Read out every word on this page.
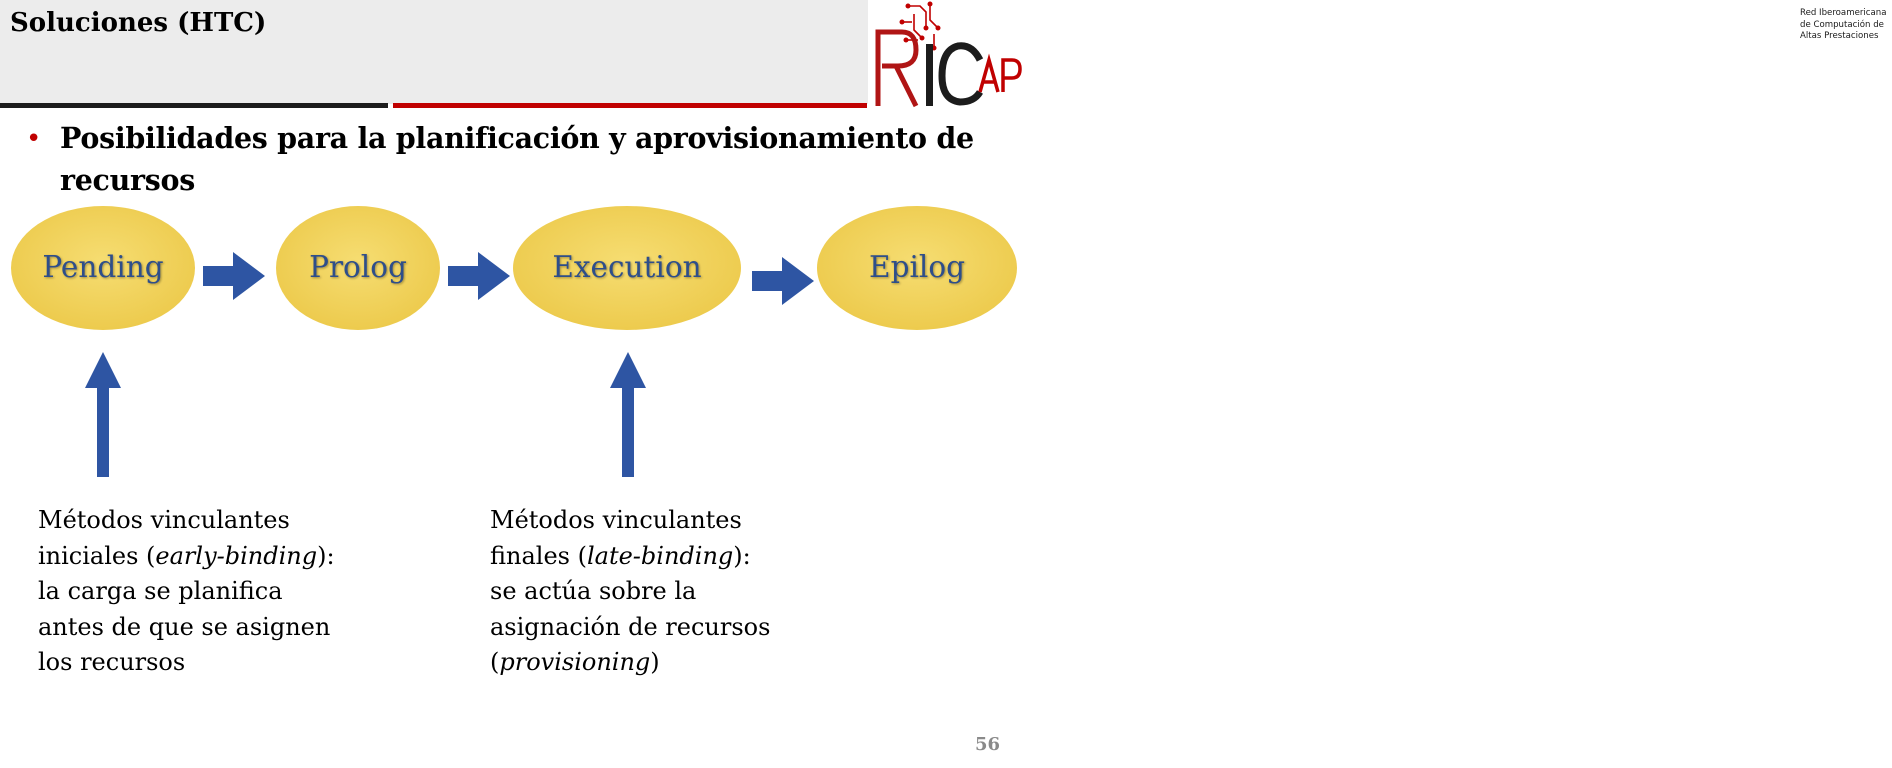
Soluciones (HTC)	Red Iberoamericana
de Computación de
Altas Prestaciones
• Posibilidades para la planificación y aprovisionamiento de recursos
Pending	Prolog	Execution	Epilog
Métodos vinculantes
iniciales (early-binding):
la carga se planifica
antes de que se asignen
los recursos
Métodos vinculantes
finales (late-binding):
se actúa sobre la
asignación de recursos
(provisioning)
56
